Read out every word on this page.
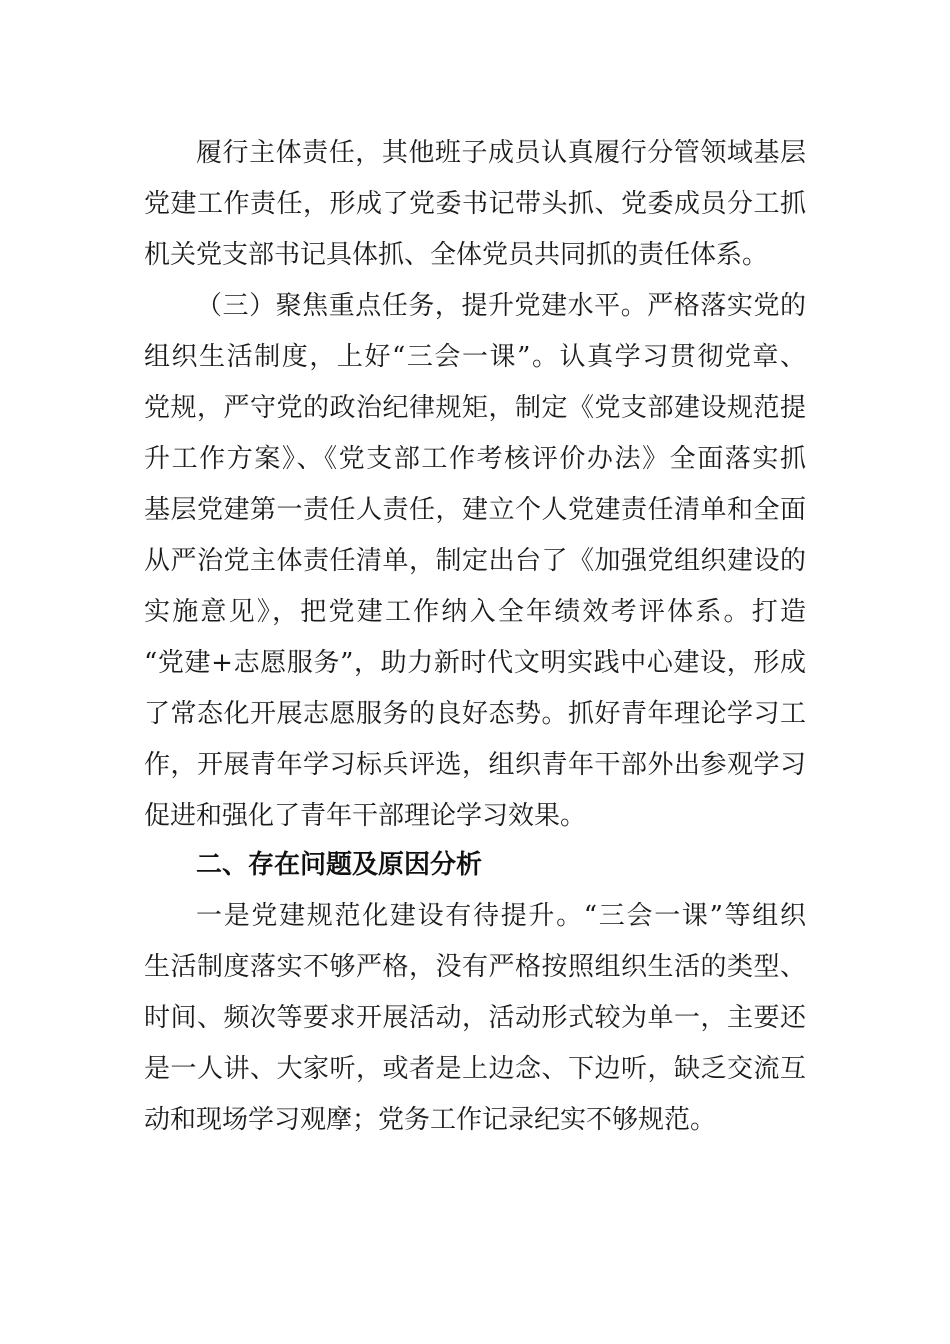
履行主体责任，其他班子成员认真履行分管领域基层
党建工作责任，形成了党委书记带头抓、党委成员分工抓
机关党支部书记具体抓、全体党员共同抓的责任体系。
（三）聚焦重点任务，提升党建水平。严格落实党的
组织生活制度，上好“三会一课”。认真学习贯彻党章、
党规，严守党的政治纪律规矩，制定《党支部建设规范提
升工作方案》、《党支部工作考核评价办法》全面落实抓
基层党建第一责任人责任，建立个人党建责任清单和全面
从严治党主体责任清单，制定出台了《加强党组织建设的
实施意见》，把党建工作纳入全年绩效考评体系。打造
“党建+志愿服务”，助力新时代文明实践中心建设，形成
了常态化开展志愿服务的良好态势。抓好青年理论学习工
作，开展青年学习标兵评选，组织青年干部外出参观学习
促进和强化了青年干部理论学习效果。
二、存在问题及原因分析
一是党建规范化建设有待提升。“三会一课”等组织
生活制度落实不够严格，没有严格按照组织生活的类型、
时间、频次等要求开展活动，活动形式较为单一，主要还
是一人讲、大家听，或者是上边念、下边听，缺乏交流互
动和现场学习观摩；党务工作记录纪实不够规范。
